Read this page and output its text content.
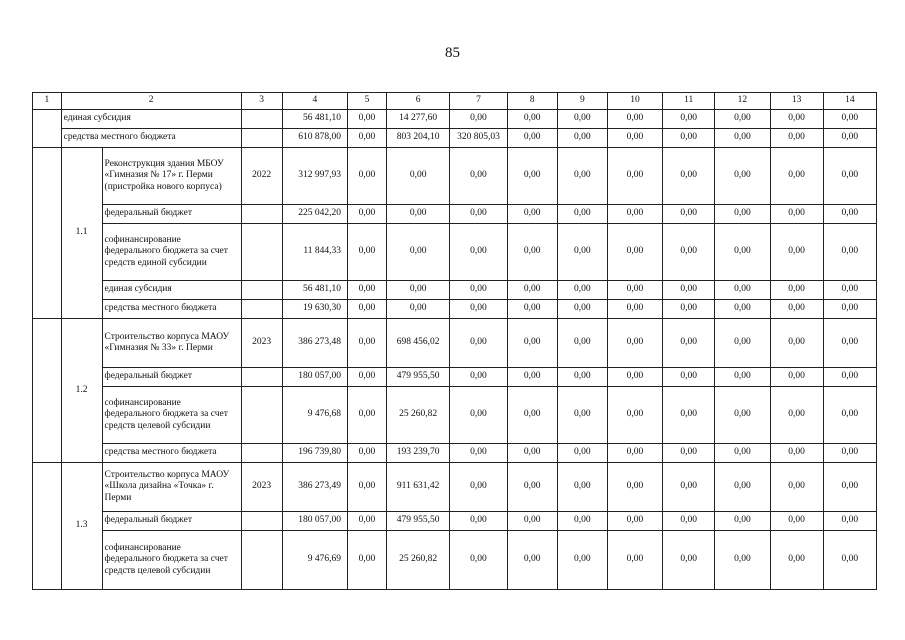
85
1	2		3	4	5	6	7	8	9	10	11	12	13	14
	единая субсидия			56 481,10	0,00	14 277,60	0,00	0,00	0,00	0,00	0,00	0,00	0,00	0,00
	средства местного бюджета			610 878,00	0,00	803 204,10	320 805,03	0,00	0,00	0,00	0,00	0,00	0,00	0,00
	1.1	Реконструкция здания МБОУ «Гимназия № 17» г. Перми (пристройка нового корпуса)	2022	312 997,93	0,00	0,00	0,00	0,00	0,00	0,00	0,00	0,00	0,00	0,00
		федеральный бюджет		225 042,20	0,00	0,00	0,00	0,00	0,00	0,00	0,00	0,00	0,00	0,00
		софинансирование федерального бюджета за счет средств единой субсидии		11 844,33	0,00	0,00	0,00	0,00	0,00	0,00	0,00	0,00	0,00	0,00
		единая субсидия		56 481,10	0,00	0,00	0,00	0,00	0,00	0,00	0,00	0,00	0,00	0,00
		средства местного бюджета		19 630,30	0,00	0,00	0,00	0,00	0,00	0,00	0,00	0,00	0,00	0,00
	1.2	Строительство корпуса МАОУ «Гимназия № 33» г. Перми	2023	386 273,48	0,00	698 456,02	0,00	0,00	0,00	0,00	0,00	0,00	0,00	0,00
		федеральный бюджет		180 057,00	0,00	479 955,50	0,00	0,00	0,00	0,00	0,00	0,00	0,00	0,00
		софинансирование федерального бюджета за счет средств целевой субсидии		9 476,68	0,00	25 260,82	0,00	0,00	0,00	0,00	0,00	0,00	0,00	0,00
		средства местного бюджета		196 739,80	0,00	193 239,70	0,00	0,00	0,00	0,00	0,00	0,00	0,00	0,00
	1.3	Строительство корпуса МАОУ «Школа дизайна «Точка» г. Перми	2023	386 273,49	0,00	911 631,42	0,00	0,00	0,00	0,00	0,00	0,00	0,00	0,00
		федеральный бюджет		180 057,00	0,00	479 955,50	0,00	0,00	0,00	0,00	0,00	0,00	0,00	0,00
		софинансирование федерального бюджета за счет средств целевой субсидии		9 476,69	0,00	25 260,82	0,00	0,00	0,00	0,00	0,00	0,00	0,00	0,00
